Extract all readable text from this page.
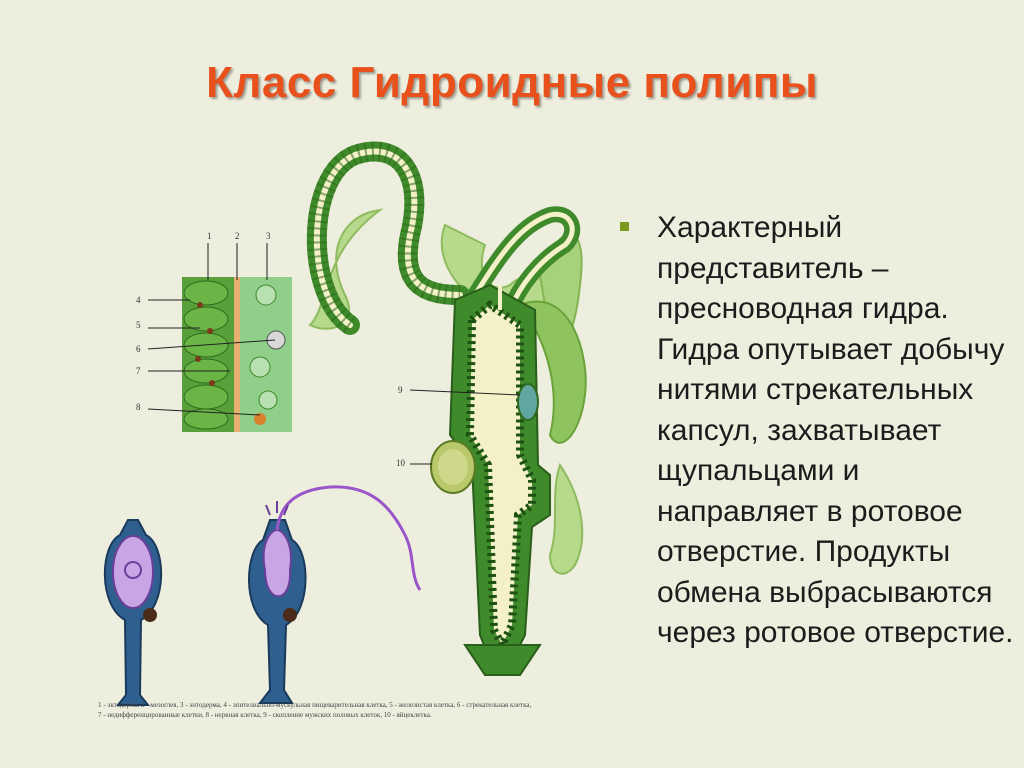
Класс Гидроидные полипы
9
10
1	2	3
4
5
6
7
8
1 - эктодерма, 2 - мезоглея, 3 - энтодерма, 4 - эпителиально-мускульная пищеварительная клетка, 5 - железистая клетка, 6 - стрекательная клетка,
7 - недифференцированные клетки, 8 - нервная клетка, 9 - скопление мужских половых клеток, 10 - яйцеклетка.
Характерный представитель – пресноводная гидра. Гидра опутывает добычу нитями стрекательных капсул, захватывает щупальцами и направляет в ротовое отверстие. Продукты обмена выбрасываются через ротовое отверстие.
